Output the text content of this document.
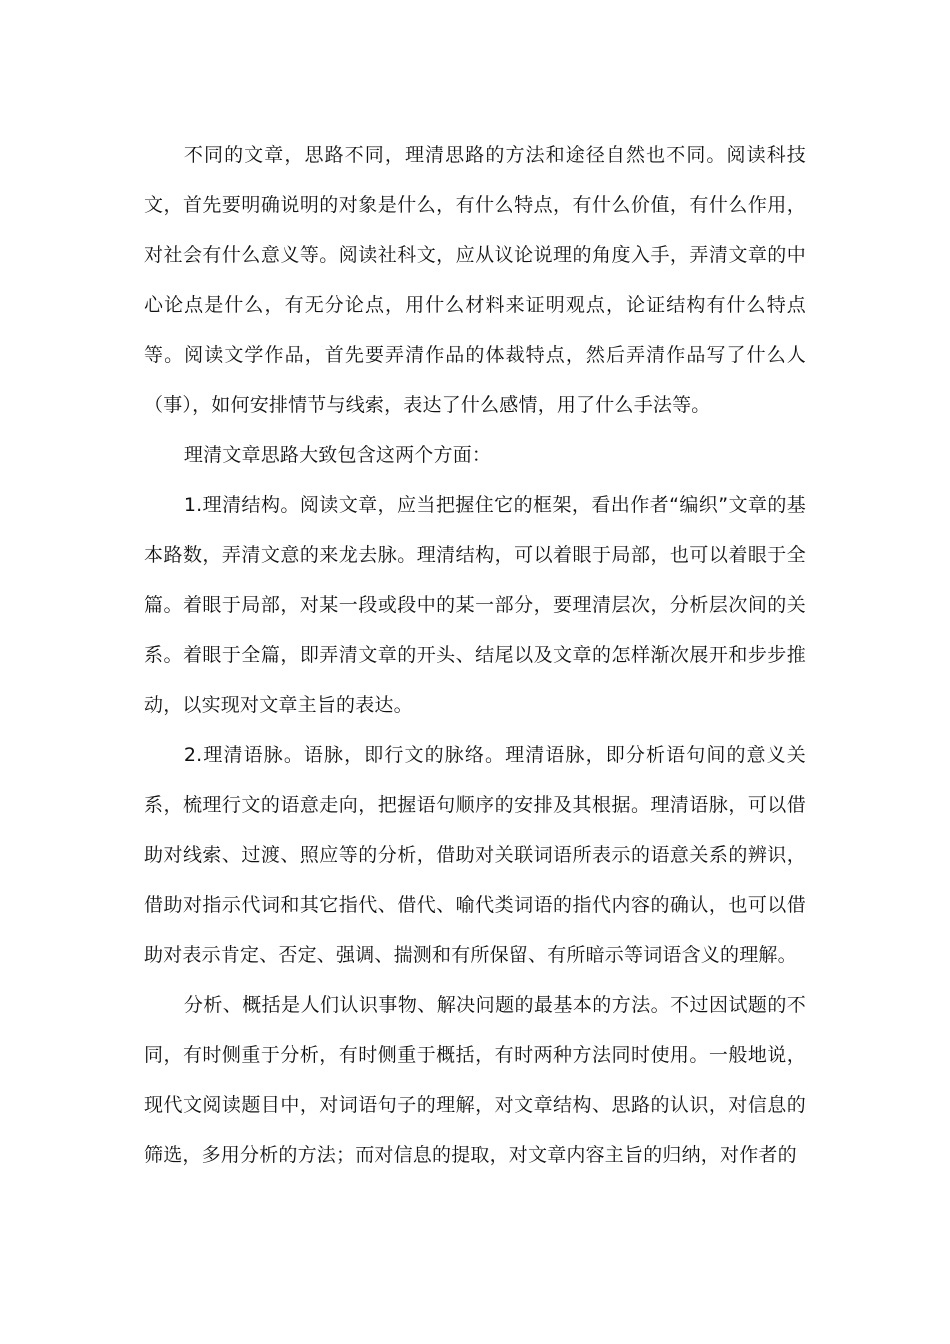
不同的文章，思路不同，理清思路的方法和途径自然也不同。阅读科技文，首先要明确说明的对象是什么，有什么特点，有什么价值，有什么作用，对社会有什么意义等。阅读社科文，应从议论说理的角度入手，弄清文章的中心论点是什么，有无分论点，用什么材料来证明观点，论证结构有什么特点等。阅读文学作品，首先要弄清作品的体裁特点，然后弄清作品写了什么人（事），如何安排情节与线索，表达了什么感情，用了什么手法等。

理清文章思路大致包含这两个方面：

1.理清结构。阅读文章，应当把握住它的框架，看出作者“编织”文章的基本路数，弄清文意的来龙去脉。理清结构，可以着眼于局部，也可以着眼于全篇。着眼于局部，对某一段或段中的某一部分，要理清层次，分析层次间的关系。着眼于全篇，即弄清文章的开头、结尾以及文章的怎样渐次展开和步步推动，以实现对文章主旨的表达。

2.理清语脉。语脉，即行文的脉络。理清语脉，即分析语句间的意义关系，梳理行文的语意走向，把握语句顺序的安排及其根据。理清语脉，可以借助对线索、过渡、照应等的分析，借助对关联词语所表示的语意关系的辨识，借助对指示代词和其它指代、借代、喻代类词语的指代内容的确认，也可以借助对表示肯定、否定、强调、揣测和有所保留、有所暗示等词语含义的理解。

分析、概括是人们认识事物、解决问题的最基本的方法。不过因试题的不同，有时侧重于分析，有时侧重于概括，有时两种方法同时使用。一般地说，现代文阅读题目中，对词语句子的理解，对文章结构、思路的认识，对信息的筛选，多用分析的方法；而对信息的提取，对文章内容主旨的归纳，对作者的
